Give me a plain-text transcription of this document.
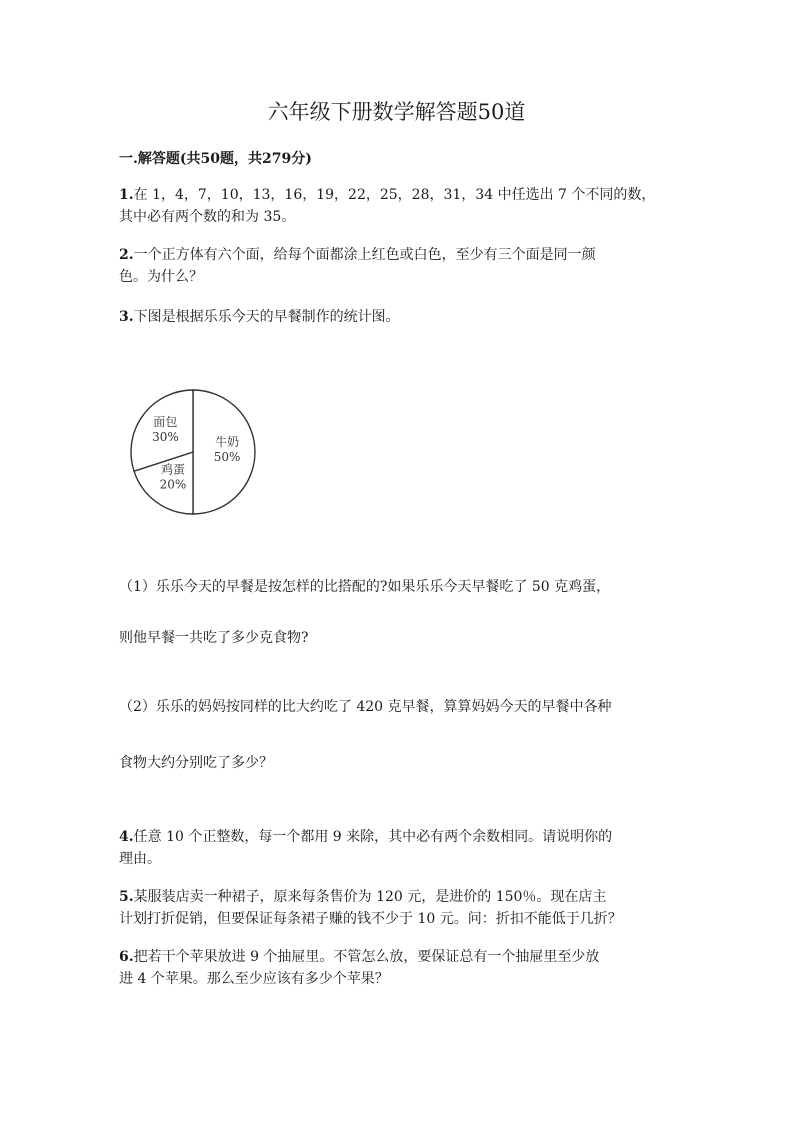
六年级下册数学解答题50道
一.解答题(共50题，共279分)
1.在 1，4，7，10，13，16，19，22，25，28，31，34 中任选出 7 个不同的数，
其中必有两个数的和为 35。
2.一个正方体有六个面，给每个面都涂上红色或白色，至少有三个面是同一颜
色。为什么？
3.下图是根据乐乐今天的早餐制作的统计图。
牛奶
50%
鸡蛋
20%
面包
30%
（1）乐乐今天的早餐是按怎样的比搭配的?如果乐乐今天早餐吃了 50 克鸡蛋，
则他早餐一共吃了多少克食物?
（2）乐乐的妈妈按同样的比大约吃了 420 克早餐，算算妈妈今天的早餐中各种
食物大约分别吃了多少？
4.任意 10 个正整数，每一个都用 9 来除，其中必有两个余数相同。请说明你的
理由。
5.某服装店卖一种裙子，原来每条售价为 120 元，是进价的 150％。现在店主
计划打折促销，但要保证每条裙子赚的钱不少于 10 元。问：折扣不能低于几折？
6.把若干个苹果放进 9 个抽屉里。不管怎么放，要保证总有一个抽屉里至少放
进 4 个苹果。那么至少应该有多少个苹果？
